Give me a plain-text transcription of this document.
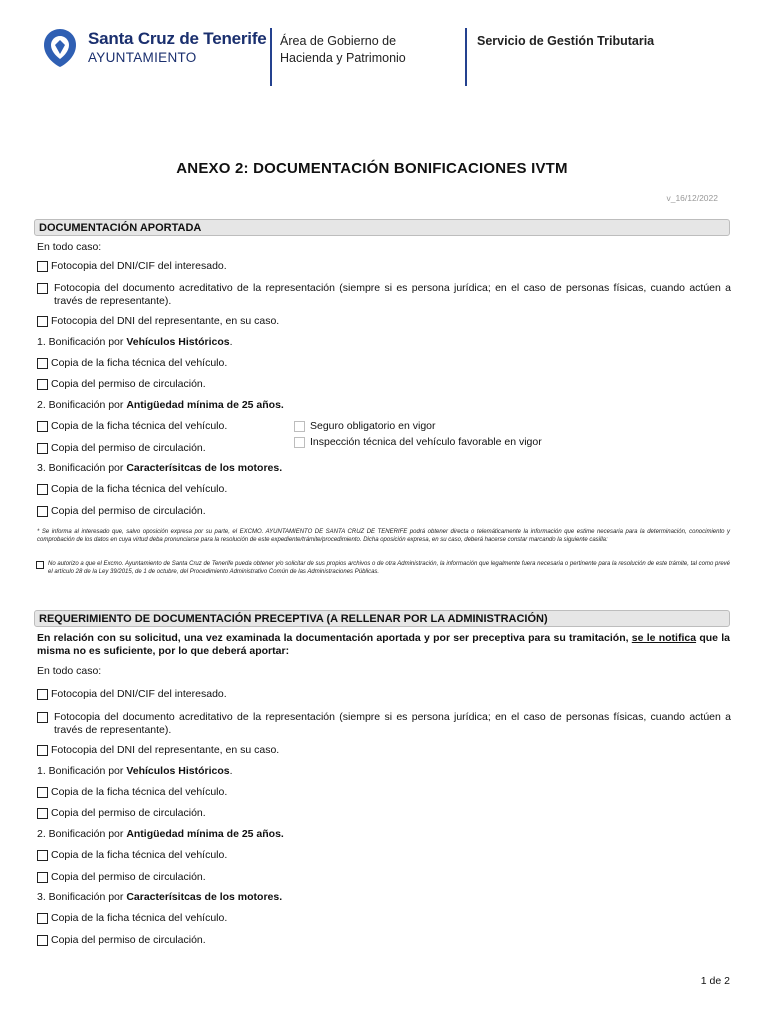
Santa Cruz de Tenerife
AYUNTAMIENTO
Área de Gobierno de
Hacienda y Patrimonio
Servicio de Gestión Tributaria
ANEXO 2: DOCUMENTACIÓN BONIFICACIONES IVTM
v_16/12/2022
DOCUMENTACIÓN APORTADA
En todo caso:
Fotocopia del DNI/CIF del interesado.
Fotocopia del documento acreditativo de la representación (siempre si es persona jurídica; en el caso de personas físicas, cuando actúen a través de representante).
Fotocopia del DNI del representante, en su caso.
1. Bonificación por Vehículos Históricos.
Copia de la ficha técnica del vehículo.
Copia del permiso de circulación.
2. Bonificación por Antigüedad mínima de 25 años.
Copia de la ficha técnica del vehículo.
Copia del permiso de circulación.
Seguro obligatorio en vigor
Inspección técnica del vehículo favorable en vigor
3. Bonificación por Caracterísitcas de los motores.
Copia de la ficha técnica del vehículo.
Copia del permiso de circulación.
* Se informa al interesado que, salvo oposición expresa por su parte, el EXCMO. AYUNTAMIENTO DE SANTA CRUZ DE TENERIFE podrá obtener directa o telemáticamente la información que estime necesaria para la determinación, conocimiento y comprobación de los datos en cuya virtud deba pronunciarse para la resolución de este expediente/trámite/procedimiento. Dicha oposición expresa, en su caso, deberá hacerse constar marcando la siguiente casilla:
No autorizo a que el Excmo. Ayuntamiento de Santa Cruz de Tenerife pueda obtener y/o solicitar de sus propios archivos o de otra Administración, la información que legalmente fuera necesaria o pertinente para la resolución de este trámite, tal como prevé el artículo 28 de la Ley 39/2015, de 1 de octubre, del Procedimiento Administrativo Común de las Administraciones Públicas.
REQUERIMIENTO DE DOCUMENTACIÓN PRECEPTIVA (A RELLENAR POR LA ADMINISTRACIÓN)
En relación con su solicitud, una vez examinada la documentación aportada y por ser preceptiva para su tramitación, se le notifica que la misma no es suficiente, por lo que deberá aportar:
En todo caso:
Fotocopia del DNI/CIF del interesado.
Fotocopia del documento acreditativo de la representación (siempre si es persona jurídica; en el caso de personas físicas, cuando actúen a través de representante).
Fotocopia del DNI del representante, en su caso.
1. Bonificación por Vehículos Históricos.
Copia de la ficha técnica del vehículo.
Copia del permiso de circulación.
2. Bonificación por Antigüedad mínima de 25 años.
Copia de la ficha técnica del vehículo.
Copia del permiso de circulación.
3. Bonificación por Caracterísitcas de los motores.
Copia de la ficha técnica del vehículo.
Copia del permiso de circulación.
1 de 2
